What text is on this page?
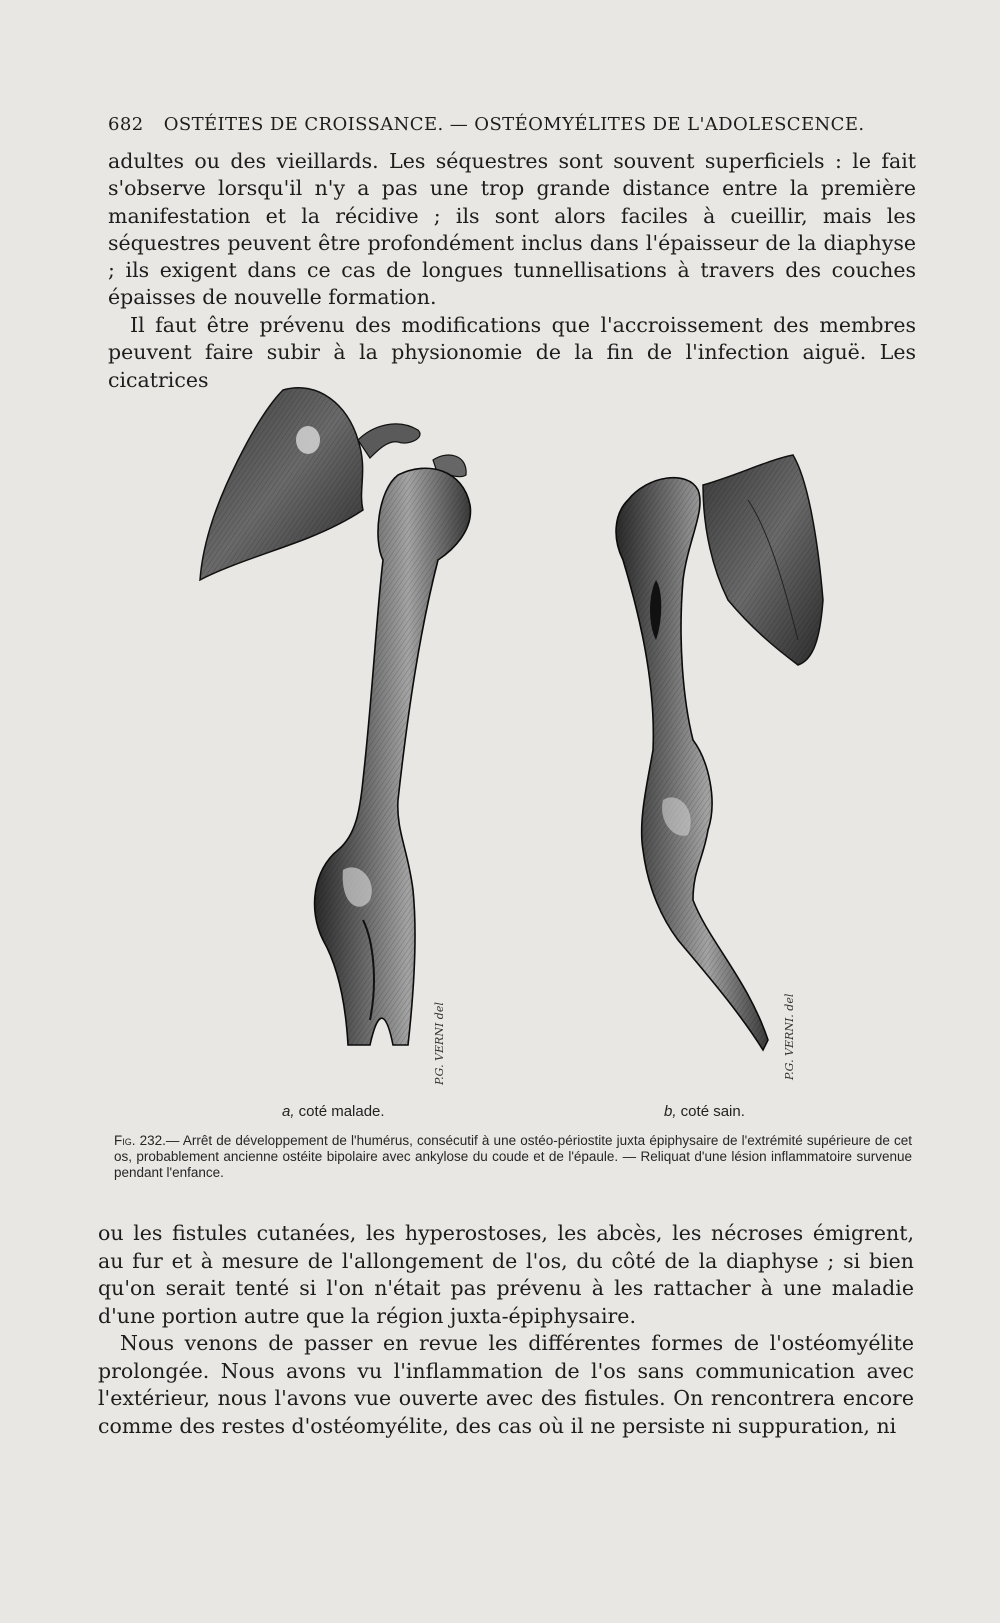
682 OSTÉITES DE CROISSANCE. — OSTÉOMYÉLITES DE L'ADOLESCENCE.
adultes ou des vieillards. Les séquestres sont souvent superficiels : le fait s'observe lorsqu'il n'y a pas une trop grande distance entre la première manifestation et la récidive ; ils sont alors faciles à cueillir, mais les séquestres peuvent être profondément inclus dans l'épaisseur de la diaphyse ; ils exigent dans ce cas de longues tunnellisations à travers des couches épaisses de nouvelle formation.
Il faut être prévenu des modifications que l'accroissement des membres peuvent faire subir à la physionomie de la fin de l'infection aiguë. Les cicatrices
P.G. VERNI del	P.G. VERNI. del
a, coté malade.	b, coté sain.
Fig. 232.— Arrêt de développement de l'humérus, consécutif à une ostéo-périostite juxta épiphysaire de l'extrémité supérieure de cet os, probablement ancienne ostéite bipolaire avec ankylose du coude et de l'épaule. — Reliquat d'une lésion inflammatoire survenue pendant l'enfance.
ou les fistules cutanées, les hyperostoses, les abcès, les nécroses émigrent, au fur et à mesure de l'allongement de l'os, du côté de la diaphyse ; si bien qu'on serait tenté si l'on n'était pas prévenu à les rattacher à une maladie d'une portion autre que la région juxta-épiphysaire.
Nous venons de passer en revue les différentes formes de l'ostéomyélite prolongée. Nous avons vu l'inflammation de l'os sans communication avec l'extérieur, nous l'avons vue ouverte avec des fistules. On rencontrera encore comme des restes d'ostéomyélite, des cas où il ne persiste ni suppuration, ni
